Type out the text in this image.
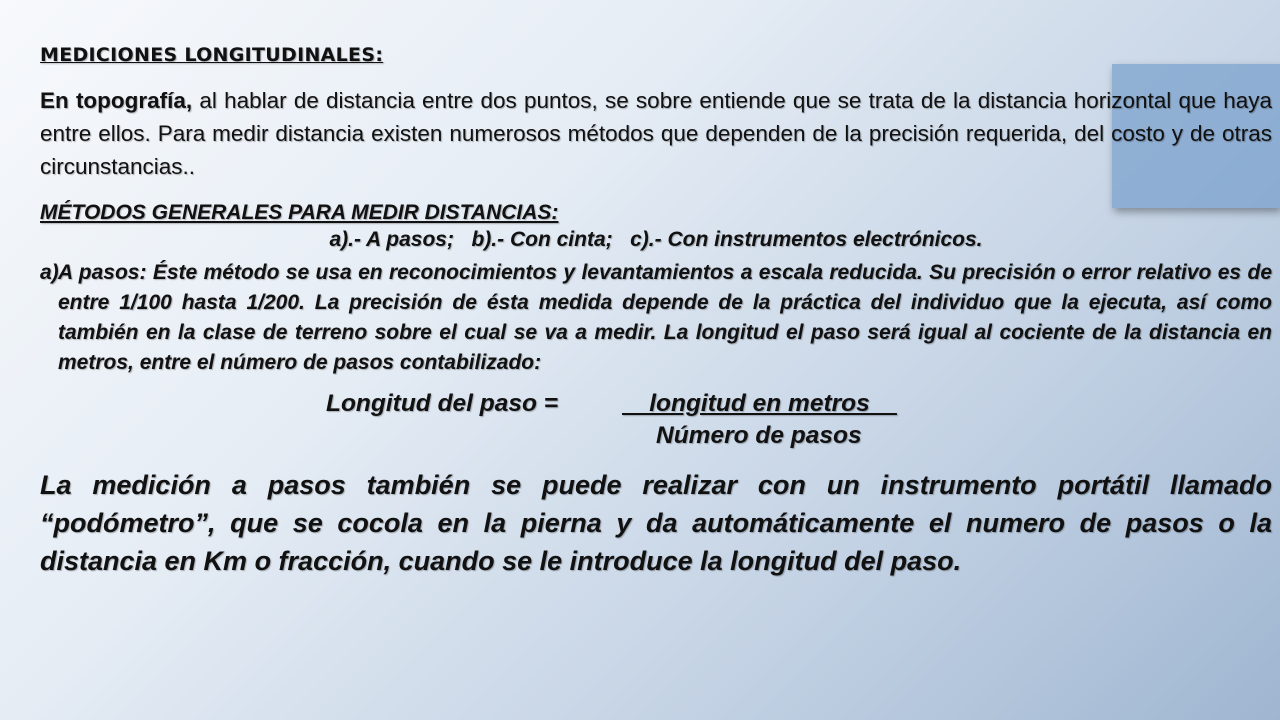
MEDICIONES LONGITUDINALES:

En topografía, al hablar de distancia entre dos puntos, se sobre entiende que se trata de la distancia horizontal que haya entre ellos. Para medir distancia existen numerosos métodos que dependen de la precisión requerida, del costo y de otras circunstancias..

MÉTODOS GENERALES PARA MEDIR DISTANCIAS:
a).- A pasos;   b).- Con cinta;   c).- Con instrumentos electrónicos.
a) A pasos: Éste método se usa en reconocimientos y levantamientos a escala reducida. Su precisión o error relativo es de entre 1/100 hasta 1/200. La precisión de ésta medida depende de la práctica del individuo que la ejecuta, así como también en la clase de terreno sobre el cual se va a medir. La longitud el paso será igual al cociente de la distancia en metros, entre el número de pasos contabilizado:
Longitud del paso =	longitud en metros
Número de pasos
La medición a pasos también se puede realizar con un instrumento portátil llamado “podómetro”, que se cocola en la pierna y da automáticamente el numero de pasos o la distancia en Km o fracción, cuando se le introduce la longitud del paso.
